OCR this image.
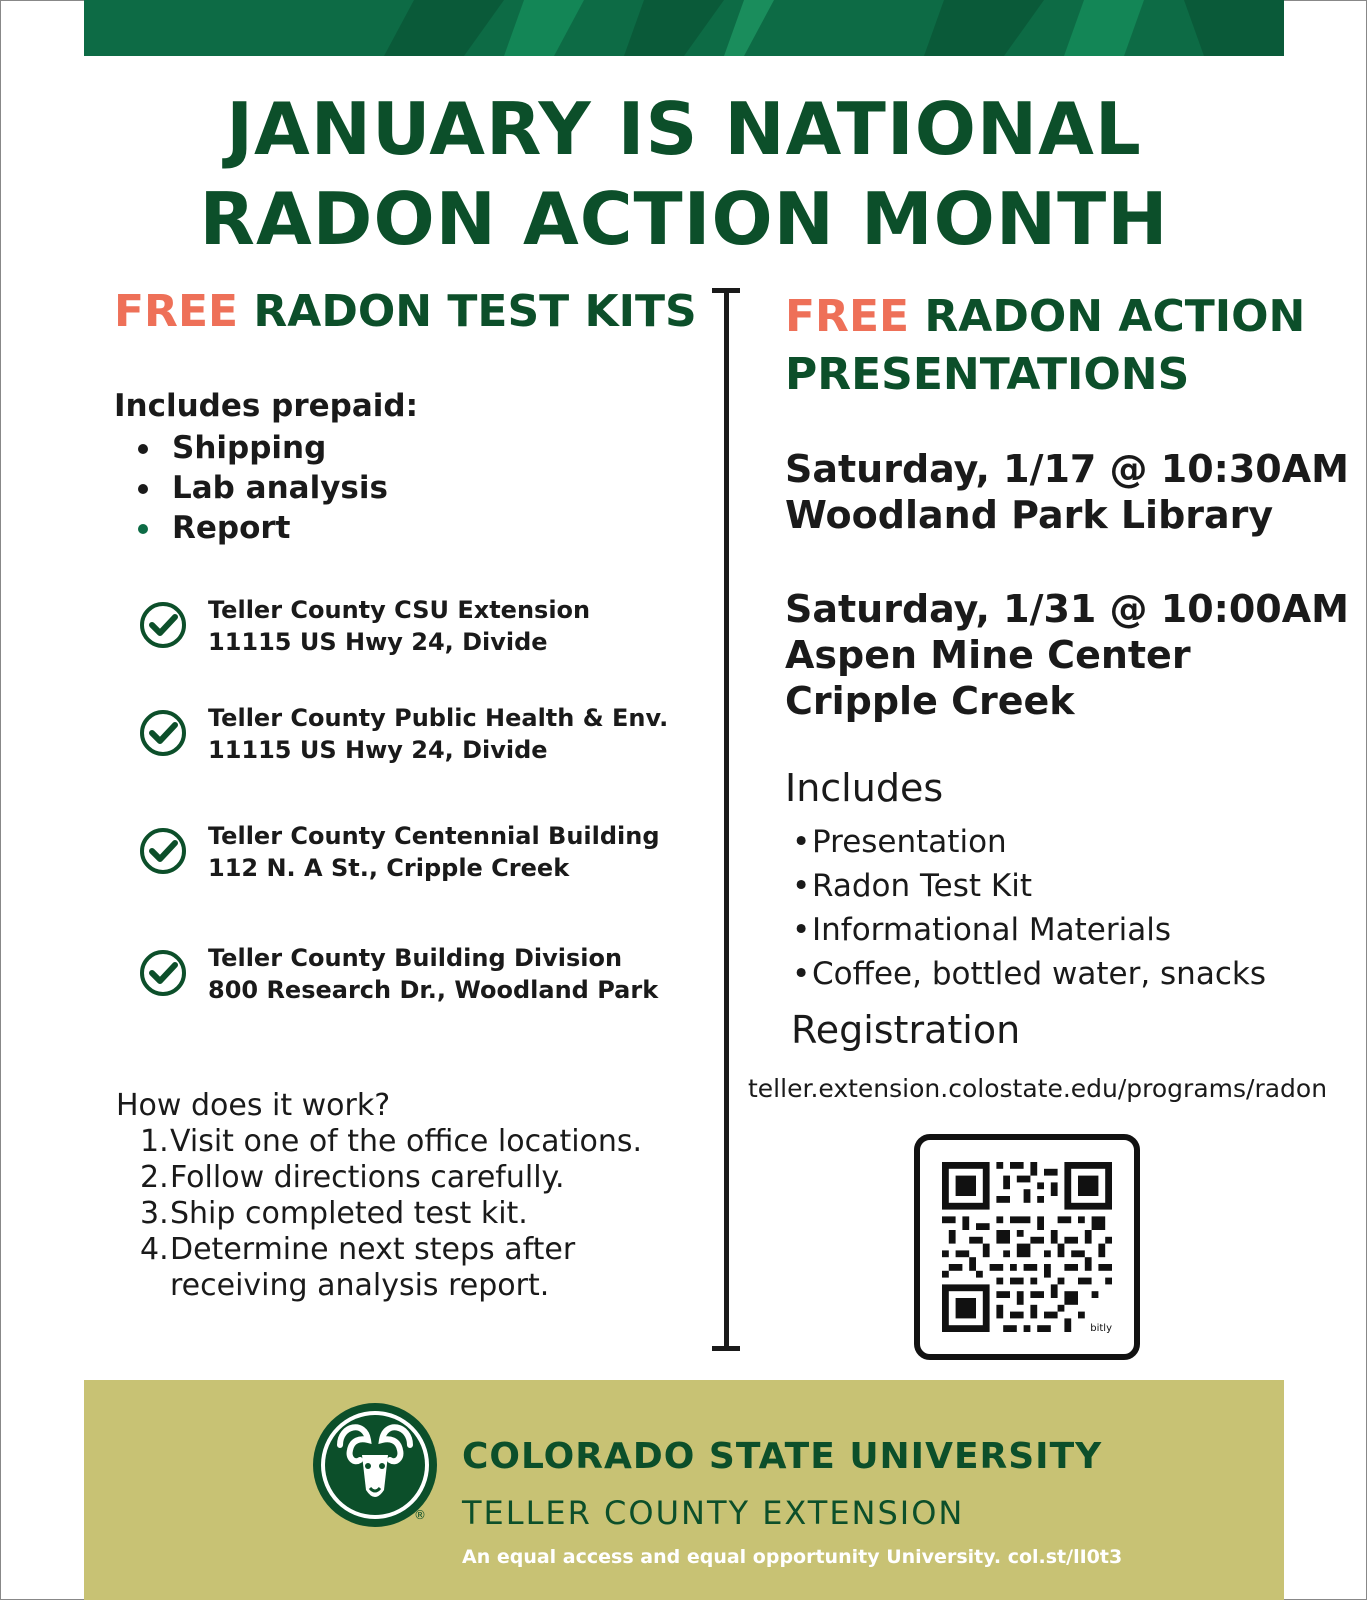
JANUARY IS NATIONAL
RADON ACTION MONTH
FREE RADON TEST KITS
Includes prepaid:
Shipping
Lab analysis
Report
Teller County CSU Extension
11115 US Hwy 24, Divide
Teller County Public Health & Env.
11115 US Hwy 24, Divide
Teller County Centennial Building
112 N. A St., Cripple Creek
Teller County Building Division
800 Research Dr., Woodland Park
How does it work?
1. Visit one of the office locations.
2. Follow directions carefully.
3. Ship completed test kit.
4. Determine next steps after receiving analysis report.
FREE RADON ACTION PRESENTATIONS
Saturday, 1/17 @ 10:30AM
Woodland Park Library
Saturday, 1/31 @ 10:00AM
Aspen Mine Center
Cripple Creek
Includes
• Presentation
• Radon Test Kit
• Informational Materials
• Coffee, bottled water, snacks
Registration
teller.extension.colostate.edu/programs/radon
bitly
®
COLORADO STATE UNIVERSITY
TELLER COUNTY EXTENSION
An equal access and equal opportunity University. col.st/lI0t3
